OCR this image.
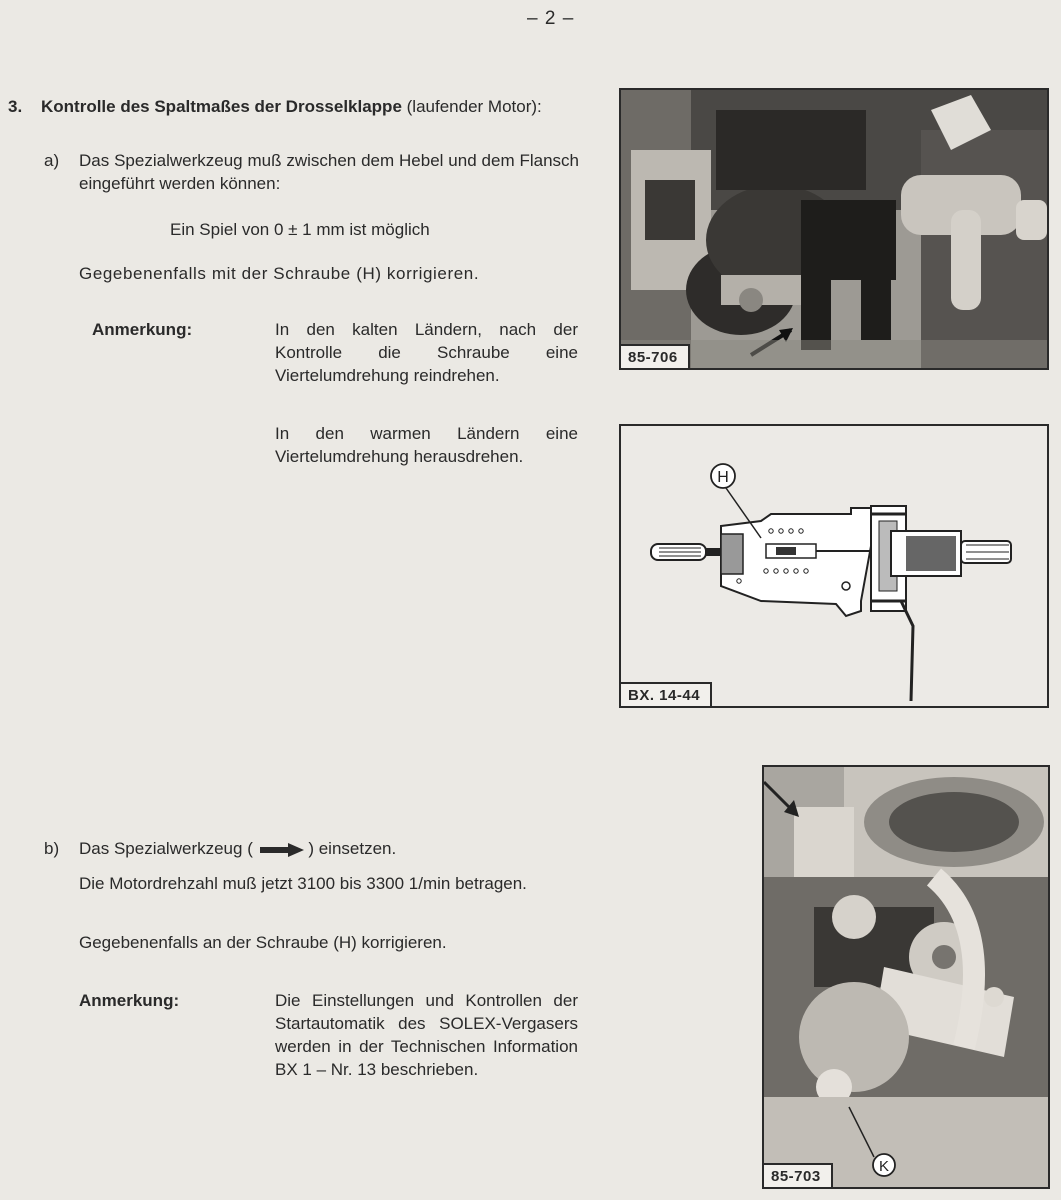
– 2 –
3. Kontrolle des Spaltmaßes der Drosselklappe (laufender Motor):
a) Das Spezialwerkzeug muß zwischen dem Hebel und dem Flansch eingeführt werden können:
Ein Spiel von 0 ± 1 mm ist möglich
Gegebenenfalls mit der Schraube (H) korrigieren.
Anmerkung:	In den kalten Ländern, nach der Kontrolle die Schraube eine Viertelumdrehung reindrehen.
In den warmen Ländern eine Viertelumdrehung herausdrehen.
b) Das Spezialwerkzeug (	) einsetzen.
Die Motordrehzahl muß jetzt 3100 bis 3300 1/min betragen.
Gegebenenfalls an der Schraube (H) korrigieren.
Anmerkung:	Die Einstellungen und Kontrollen der Startautomatik des SOLEX-Vergasers werden in der Technischen Information BX 1 – Nr. 13 beschrieben.
85-706
H
BX. 14-44
K
85-703
